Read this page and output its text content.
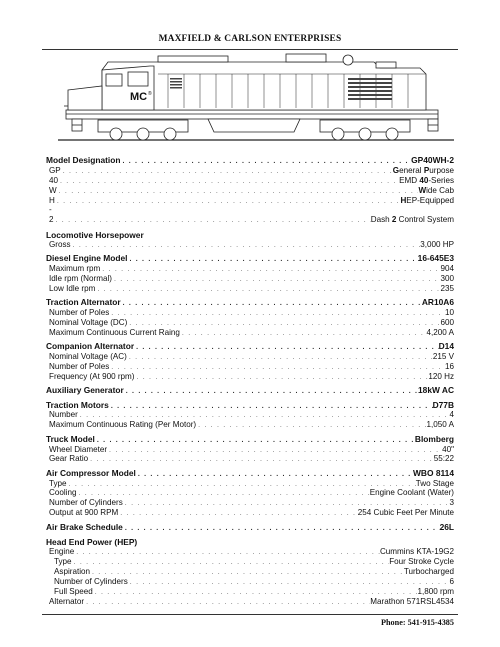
MAXFIELD & CARLSON ENTERPRISES
MC ®
Model Designation . . .	GP40WH-2
GP . . .	General Purpose
40 . . .	EMD 40-Series
W . . .	Wide Cab
H . . .	HEP-Equipped
-
2 . . .	Dash 2 Control System
Locomotive Horsepower
Gross . . .	3,000 HP
Diesel Engine Model . . .	16-645E3
Maximum rpm . . .	904
Idle rpm (Normal) . . .	300
Low Idle rpm . . .	235
Traction Alternator . . .	AR10A6
Number of Poles . . .	10
Nominal Voltage (DC) . . .	600
Maximum Continuous Current Raing . . .	4,200 A
Companion Alternator . . .	D14
Nominal Voltage (AC) . . .	215 V
Number of Poles . . .	16
Frequency (At 900 rpm) . . .	120 Hz
Auxiliary Generator . . .	18kW AC
Traction Motors . . .	D77B
Number . . .	4
Maximum Continuous Rating (Per Motor) . . .	1,050 A
Truck Model . . .	Blomberg
Wheel Diameter . . .	40"
Gear Ratio . . .	55:22
Air Compressor Model . . .	WBO 8114
Type . . .	Two Stage
Cooling . . .	Engine Coolant (Water)
Number of Cylinders . . .	3
Output at 900 RPM . . .	254 Cubic Feet Per Minute
Air Brake Schedule . . .	26L
Head End Power (HEP)
Engine . . .	Cummins KTA-19G2
Type . . .	Four Stroke Cycle
Aspiration . . .	Turbocharged
Number of Cylinders . . .	6
Full Speed . . .	1,800 rpm
Alternator . . .	Marathon 571RSL4534
Phone: 541-915-4385
